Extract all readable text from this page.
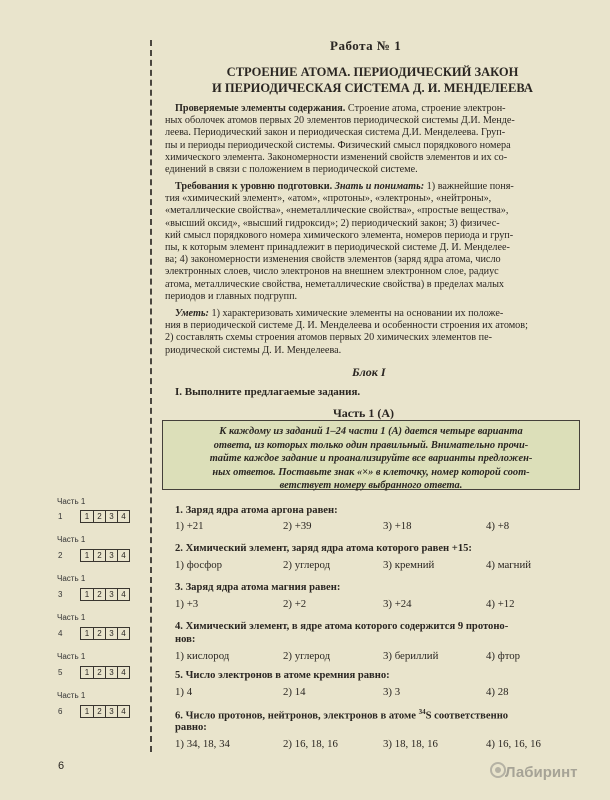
Работа № 1
СТРОЕНИЕ АТОМА. ПЕРИОДИЧЕСКИЙ ЗАКОН
И ПЕРИОДИЧЕСКАЯ СИСТЕМА Д. И. МЕНДЕЛЕЕВА
Проверяемые элементы содержания. Строение атома, строение электрон-
ных оболочек атомов первых 20 элементов периодической системы Д.И. Менде-
леева. Периодический закон и периодическая система Д.И. Менделеева. Груп-
пы и периоды периодической системы. Физический смысл порядкового номера
химического элемента. Закономерности изменений свойств элементов и их со-
единений в связи с положением в периодической системе.
Требования к уровню подготовки. Знать и понимать: 1) важнейшие поня-
тия «химический элемент», «атом», «протоны», «электроны», «нейтроны»,
«металлические свойства», «неметаллические свойства», «простые вещества»,
«высший оксид», «высший гидроксид»; 2) периодический закон; 3) физичес-
кий смысл порядкового номера химического элемента, номеров периода и груп-
пы, к которым элемент принадлежит в периодической системе Д. И. Менделее-
ва; 4) закономерности изменения свойств элементов (заряд ядра атома, число
электронных слоев, число электронов на внешнем электронном слое, радиус
атома, металлические свойства, неметаллические свойства) в пределах малых
периодов и главных подгрупп.
Уметь: 1) характеризовать химические элементы на основании их положе-
ния в периодической системе Д. И. Менделеева и особенности строения их атомов;
2) составлять схемы строения атомов первых 20 химических элементов пе-
риодической системы Д. И. Менделеева.
Блок I
I. Выполните предлагаемые задания.
Часть 1 (А)
К каждому из заданий 1–24 части 1 (А) дается четыре варианта
ответа, из которых только один правильный. Внимательно прочи-
тайте каждое задание и проанализируйте все варианты предложен-
ных ответов. Поставьте знак «×» в клеточку, номер которой соот-
ветствует номеру выбранного ответа.
1. Заряд ядра атома аргона равен:
1) +21	2) +39	3) +18	4) +8
2. Химический элемент, заряд ядра атома которого равен +15:
1) фосфор	2) углерод	3) кремний	4) магний
3. Заряд ядра атома магния равен:
1) +3	2) +2	3) +24	4) +12
4. Химический элемент, в ядре атома которого содержится 9 протоно-
нов:
1) кислород	2) углерод	3) бериллий	4) фтор
5. Число электронов в атоме кремния равно:
1) 4	2) 14	3) 3	4) 28
6. Число протонов, нейтронов, электронов в атоме $^{34}$S соответственно
равно:
1) 34, 18, 34	2) 16, 18, 16	3) 18, 18, 16	4) 16, 16, 16
Часть 1
1	1	2 3 4
Часть 1
2	1	2 3 4
Часть 1
3	1	2 3 4
Часть 1
4	1	2 3 4
Часть 1
5	1	2 3 4
Часть 1
6	1	2 3 4
6	Лабиринт
